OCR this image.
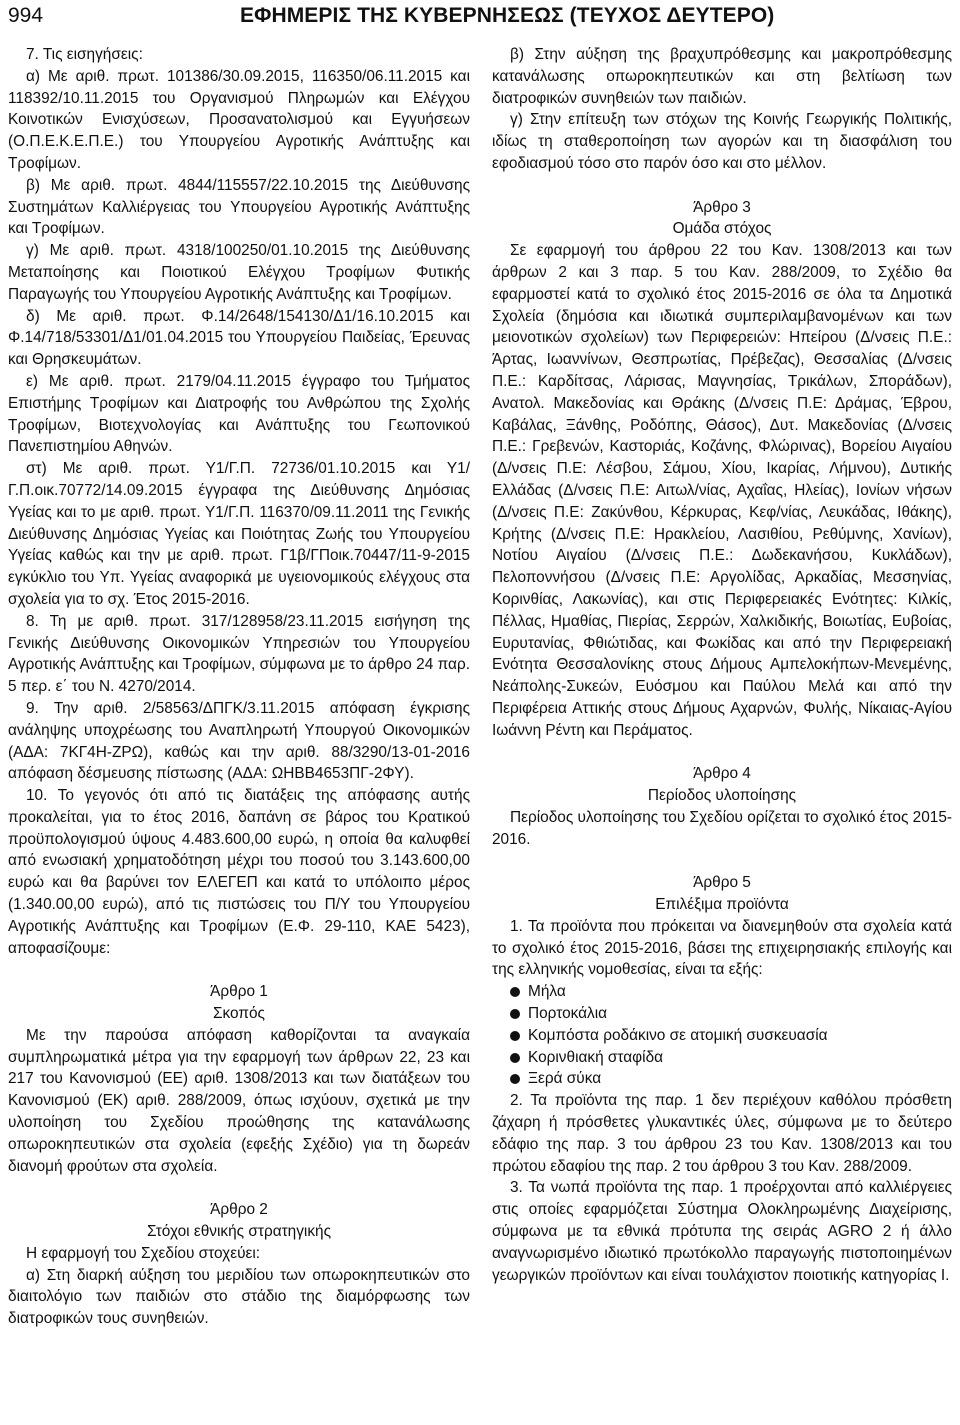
994	ΕΦΗΜΕΡΙΣ ΤΗΣ ΚΥΒΕΡΝΗΣΕΩΣ (ΤΕΥΧΟΣ ΔΕΥΤΕΡΟ)

7. Τις εισηγήσεις:

α) Με αριθ. πρωτ. 101386/30.09.2015, 116350/06.11.2015 και 118392/10.11.2015 του Οργανισμού Πληρωμών και Ελέγχου Κοινοτικών Ενισχύσεων, Προσανατολισμού και Εγγυήσεων (Ο.Π.Ε.Κ.Ε.Π.Ε.) του Υπουργείου Αγροτικής Ανάπτυξης και Τροφίμων.

β) Με αριθ. πρωτ. 4844/115557/22.10.2015 της Διεύθυνσης Συστημάτων Καλλιέργειας του Υπουργείου Αγροτικής Ανάπτυξης και Τροφίμων.

γ) Με αριθ. πρωτ. 4318/100250/01.10.2015 της Διεύθυνσης Μεταποίησης και Ποιοτικού Ελέγχου Τροφίμων Φυτικής Παραγωγής του Υπουργείου Αγροτικής Ανάπτυξης και Τροφίμων.

δ) Με αριθ. πρωτ. Φ.14/2648/154130/Δ1/16.10.2015 και Φ.14/718/53301/Δ1/01.04.2015 του Υπουργείου Παιδείας, Έρευνας και Θρησκευμάτων.

ε) Με αριθ. πρωτ. 2179/04.11.2015 έγγραφο του Τμήματος Επιστήμης Τροφίμων και Διατροφής του Ανθρώπου της Σχολής Τροφίμων, Βιοτεχνολογίας και Ανάπτυξης του Γεωπονικού Πανεπιστημίου Αθηνών.

στ) Με αριθ. πρωτ. Υ1/Γ.Π. 72736/01.10.2015 και Υ1/Γ.Π.οικ.70772/14.09.2015 έγγραφα της Διεύθυνσης Δημόσιας Υγείας και το με αριθ. πρωτ. Υ1/Γ.Π. 116370/09.11.2011 της Γενικής Διεύθυνσης Δημόσιας Υγείας και Ποιότητας Ζωής του Υπουργείου Υγείας καθώς και την με αριθ. πρωτ. Γ1β/ΓΠοικ.70447/11-9-2015 εγκύκλιο του Υπ. Υγείας αναφορικά με υγειονομικούς ελέγχους στα σχολεία για το σχ. Έτος 2015-2016.

8. Τη με αριθ. πρωτ. 317/128958/23.11.2015 εισήγηση της Γενικής Διεύθυνσης Οικονομικών Υπηρεσιών του Υπουργείου Αγροτικής Ανάπτυξης και Τροφίμων, σύμφωνα με το άρθρο 24 παρ. 5 περ. ε΄ του Ν. 4270/2014.

9. Την αριθ. 2/58563/ΔΠΓΚ/3.11.2015 απόφαση έγκρισης ανάληψης υποχρέωσης του Αναπληρωτή Υπουργού Οικονομικών (ΑΔΑ: 7ΚΓ4Η-ΖΡΩ), καθώς και την αριθ. 88/3290/13-01-2016 απόφαση δέσμευσης πίστωσης (ΑΔΑ: ΩΗΒΒ4653ΠΓ-2ΦΥ).

10. Το γεγονός ότι από τις διατάξεις της απόφασης αυτής προκαλείται, για το έτος 2016, δαπάνη σε βάρος του Κρατικού προϋπολογισμού ύψους 4.483.600,00 ευρώ, η οποία θα καλυφθεί από ενωσιακή χρηματοδότηση μέχρι του ποσού του 3.143.600,00 ευρώ και θα βαρύνει τον ΕΛΕΓΕΠ και κατά το υπόλοιπο μέρος (1.340.00,00 ευρώ), από τις πιστώσεις του Π/Υ του Υπουργείου Αγροτικής Ανάπτυξης και Τροφίμων (Ε.Φ. 29-110, ΚΑΕ 5423), αποφασίζουμε:

Άρθρο 1

Σκοπός

Με την παρούσα απόφαση καθορίζονται τα αναγκαία συμπληρωματικά μέτρα για την εφαρμογή των άρθρων 22, 23 και 217 του Κανονισμού (ΕΕ) αριθ. 1308/2013 και των διατάξεων του Κανονισμού (ΕΚ) αριθ. 288/2009, όπως ισχύουν, σχετικά με την υλοποίηση του Σχεδίου προώθησης της κατανάλωσης οπωροκηπευτικών στα σχολεία (εφεξής Σχέδιο) για τη δωρεάν διανομή φρούτων στα σχολεία.

Άρθρο 2

Στόχοι εθνικής στρατηγικής

Η εφαρμογή του Σχεδίου στοχεύει:

α) Στη διαρκή αύξηση του μεριδίου των οπωροκηπευτικών στο διαιτολόγιο των παιδιών στο στάδιο της διαμόρφωσης των διατροφικών τους συνηθειών.

β) Στην αύξηση της βραχυπρόθεσμης και μακροπρόθεσμης κατανάλωσης οπωροκηπευτικών και στη βελτίωση των διατροφικών συνηθειών των παιδιών.

γ) Στην επίτευξη των στόχων της Κοινής Γεωργικής Πολιτικής, ιδίως τη σταθεροποίηση των αγορών και τη διασφάλιση του εφοδιασμού τόσο στο παρόν όσο και στο μέλλον.

Άρθρο 3

Ομάδα στόχος

Σε εφαρμογή του άρθρου 22 του Καν. 1308/2013 και των άρθρων 2 και 3 παρ. 5 του Καν. 288/2009, το Σχέδιο θα εφαρμοστεί κατά το σχολικό έτος 2015-2016 σε όλα τα Δημοτικά Σχολεία (δημόσια και ιδιωτικά συμπεριλαμβανομένων και των μειονοτικών σχολείων) των Περιφερειών: Ηπείρου (Δ/νσεις Π.Ε.: Άρτας, Ιωαννίνων, Θεσπρωτίας, Πρέβεζας), Θεσσαλίας (Δ/νσεις Π.Ε.: Καρδίτσας, Λάρισας, Μαγνησίας, Τρικάλων, Σποράδων), Ανατολ. Μακεδονίας και Θράκης (Δ/νσεις Π.Ε: Δράμας, Έβρου, Καβάλας, Ξάνθης, Ροδόπης, Θάσος), Δυτ. Μακεδονίας (Δ/νσεις Π.Ε.: Γρεβενών, Καστοριάς, Κοζάνης, Φλώρινας), Βορείου Αιγαίου (Δ/νσεις Π.Ε: Λέσβου, Σάμου, Χίου, Ικαρίας, Λήμνου), Δυτικής Ελλάδας (Δ/νσεις Π.Ε: Αιτωλ/νίας, Αχαΐας, Ηλείας), Ιονίων νήσων (Δ/νσεις Π.Ε: Ζακύνθου, Κέρκυρας, Κεφ/νίας, Λευκάδας, Ιθάκης), Κρήτης (Δ/νσεις Π.Ε: Ηρακλείου, Λασιθίου, Ρεθύμνης, Χανίων), Νοτίου Αιγαίου (Δ/νσεις Π.Ε.: Δωδεκανήσου, Κυκλάδων), Πελοποννήσου (Δ/νσεις Π.Ε: Αργολίδας, Αρκαδίας, Μεσσηνίας, Κορινθίας, Λακωνίας), και στις Περιφερειακές Ενότητες: Κιλκίς, Πέλλας, Ημαθίας, Πιερίας, Σερρών, Χαλκιδικής, Βοιωτίας, Ευβοίας, Ευρυτανίας, Φθιώτιδας, και Φωκίδας και από την Περιφερειακή Ενότητα Θεσσαλονίκης στους Δήμους Αμπελοκήπων-Μενεμένης, Νεάπολης-Συκεών, Ευόσμου και Παύλου Μελά και από την Περιφέρεια Αττικής στους Δήμους Αχαρνών, Φυλής, Νίκαιας-Αγίου Ιωάννη Ρέντη και Περάματος.

Άρθρο 4

Περίοδος υλοποίησης

Περίοδος υλοποίησης του Σχεδίου ορίζεται το σχολικό έτος 2015-2016.

Άρθρο 5

Επιλέξιμα προϊόντα

1. Τα προϊόντα που πρόκειται να διανεμηθούν στα σχολεία κατά το σχολικό έτος 2015-2016, βάσει της επιχειρησιακής επιλογής και της ελληνικής νομοθεσίας, είναι τα εξής:

Μήλα
Πορτοκάλια
Κομπόστα ροδάκινο σε ατομική συσκευασία
Κορινθιακή σταφίδα
Ξερά σύκα

2. Τα προϊόντα της παρ. 1 δεν περιέχουν καθόλου πρόσθετη ζάχαρη ή πρόσθετες γλυκαντικές ύλες, σύμφωνα με το δεύτερο εδάφιο της παρ. 3 του άρθρου 23 του Καν. 1308/2013 και του πρώτου εδαφίου της παρ. 2 του άρθρου 3 του Καν. 288/2009.

3. Τα νωπά προϊόντα της παρ. 1 προέρχονται από καλλιέργειες στις οποίες εφαρμόζεται Σύστημα Ολοκληρωμένης Διαχείρισης, σύμφωνα με τα εθνικά πρότυπα της σειράς AGRO 2 ή άλλο αναγνωρισμένο ιδιωτικό πρωτόκολλο παραγωγής πιστοποιημένων γεωργικών προϊόντων και είναι τουλάχιστον ποιοτικής κατηγορίας Ι.
